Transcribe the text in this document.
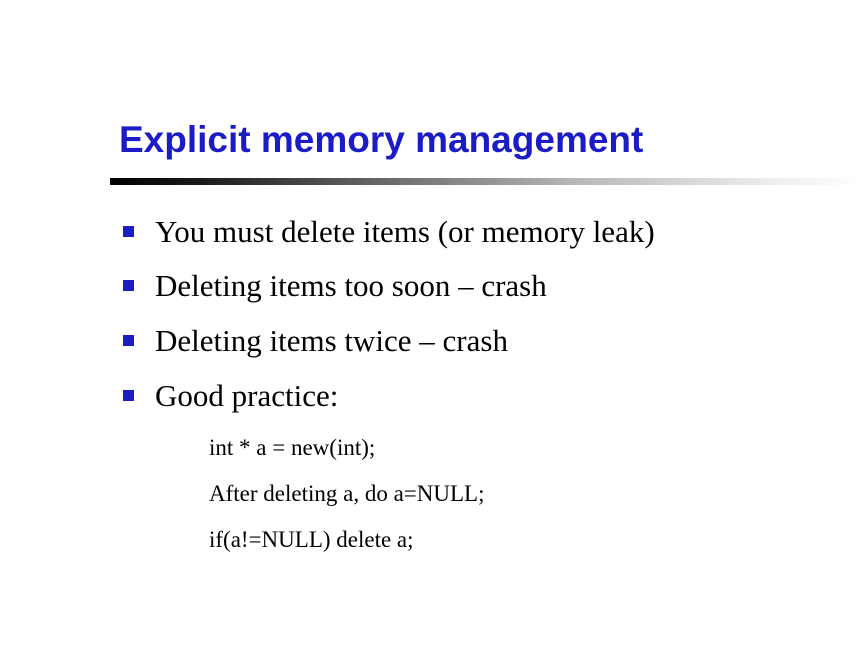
Explicit memory management
You must delete items (or memory leak)
Deleting items too soon – crash
Deleting items twice – crash
Good practice:
int * a = new(int);
After deleting a, do a=NULL;
if(a!=NULL) delete a;
